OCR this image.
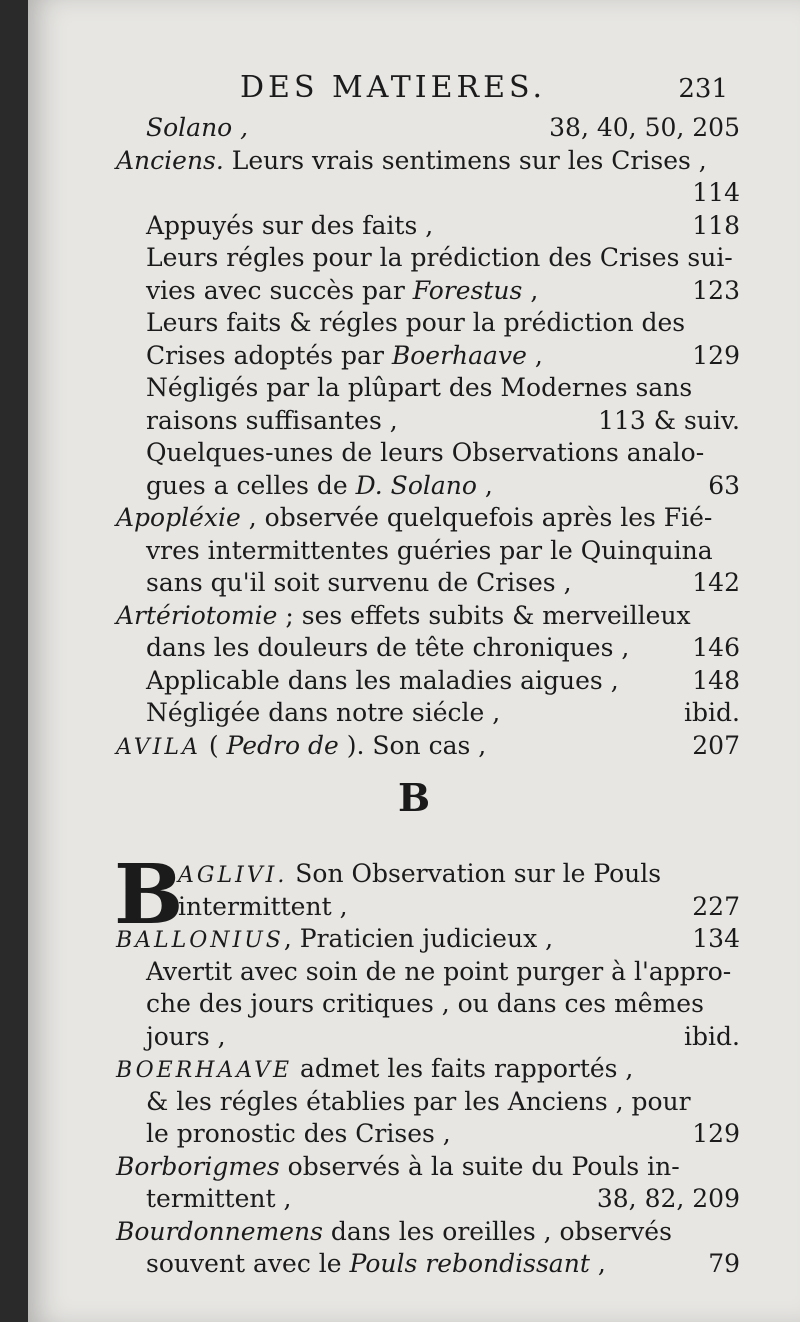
DES MATIERES.	231
Solano ,	38, 40, 50, 205
Anciens. Leurs vrais sentimens sur les Crises ,
114
Appuyés sur des faits ,	118
Leurs régles pour la prédiction des Crises sui-
vies avec succès par Forestus ,	123
Leurs faits & régles pour la prédiction des
Crises adoptés par Boerhaave ,	129
Négligés par la plûpart des Modernes sans
raisons suffisantes ,	113 & suiv.
Quelques-unes de leurs Observations analo-
gues a celles de D. Solano ,	63
Apopléxie , observée quelquefois après les Fié-
vres intermittentes guéries par le Quinquina
sans qu'il soit survenu de Crises ,	142
Artériotomie ; ses effets subits & merveilleux
dans les douleurs de tête chroniques ,	146
Applicable dans les maladies aigues ,	148
Négligée dans notre siécle ,	ibid.
AVILA ( Pedro de ). Son cas ,	207
B
B
AGLIVI. Son Observation sur le Pouls
intermittent ,	227
BALLONIUS, Praticien judicieux ,	134
Avertit avec soin de ne point purger à l'appro-
che des jours critiques , ou dans ces mêmes
jours ,	ibid.
BOERHAAVE admet les faits rapportés ,
& les régles établies par les Anciens , pour
le pronostic des Crises ,	129
Borborigmes observés à la suite du Pouls in-
termittent ,	38, 82, 209
Bourdonnemens dans les oreilles , observés
souvent avec le Pouls rebondissant ,	79
